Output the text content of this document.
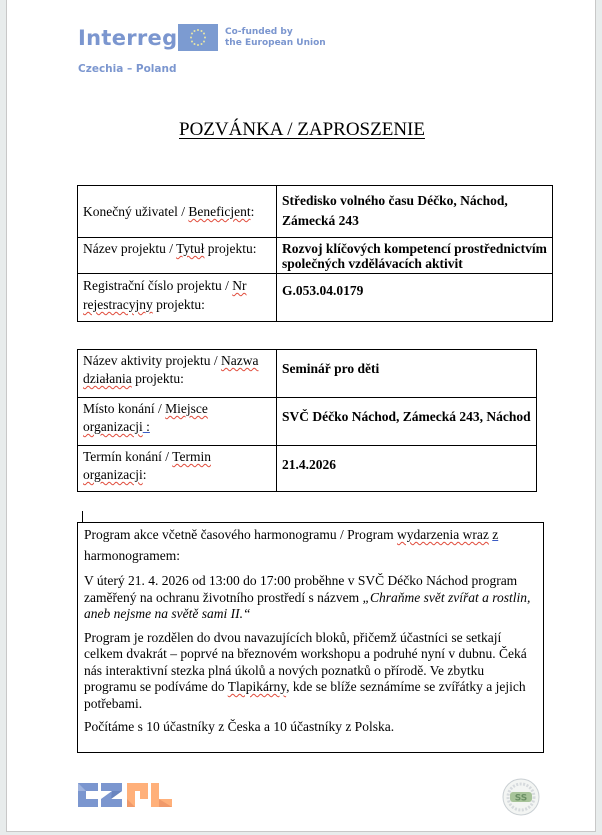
Interreg	Co-funded by
the European Union
Czechia – Poland
POZVÁNKA / ZAPROSZENIE
Konečný uživatel / Beneficjent:	Středisko volného času Déčko, Náchod,
Zámecká 243

Název projektu / Tytuł projektu:	Rozvoj klíčových kompetencí prostřednictvím
společných vzdělávacích aktivit

Registrační číslo projektu / Nr
rejestracyjny projektu:	G.053.04.0179
Název aktivity projektu / Nazwa
działania projektu:	Seminář pro děti
Místo konání / Miejsce
organizacji :	SVČ Déčko Náchod, Zámecká 243, Náchod
Termín konání / Termin
organizacji:	21.4.2026
Program akce včetně časového harmonogramu / Program wydarzenia wraz z
harmonogramem:

V úterý 21. 4. 2026 od 13:00 do 17:00 proběhne v SVČ Déčko Náchod program zaměřený na ochranu životního prostředí s názvem „Chraňme svět zvířat a rostlin, aneb nejsme na světě sami II.“

Program je rozdělen do dvou navazujících bloků, přičemž účastníci se setkají celkem dvakrát – poprvé na březnovém workshopu a podruhé nyní v dubnu. Čeká nás interaktivní stezka plná úkolů a nových poznatků o přírodě. Ve zbytku programu se podíváme do Tlapikárny, kde se blíže seznámíme se zvířátky a jejich potřebami.

Počítáme s 10 účastníky z Česka a 10 účastníky z Polska.

SS
